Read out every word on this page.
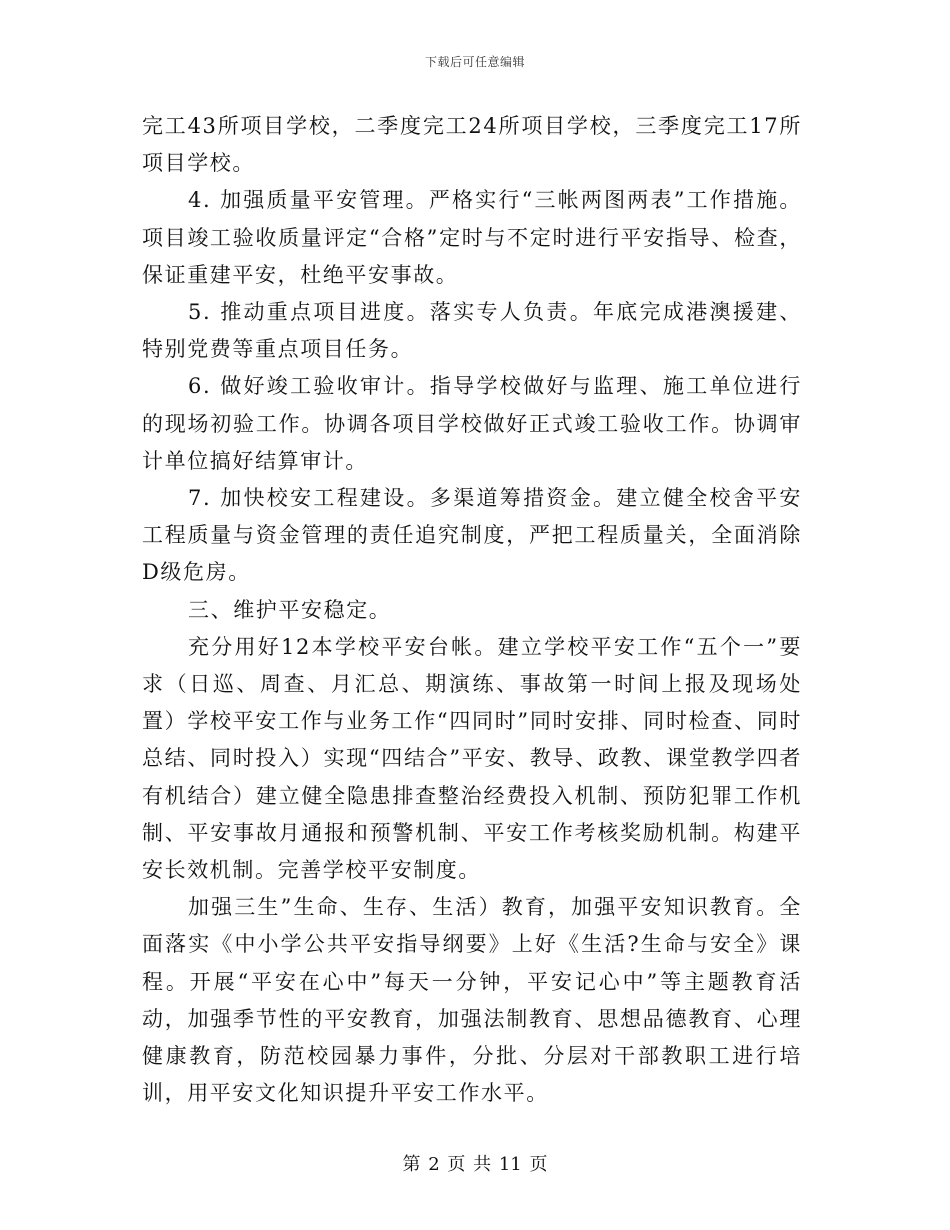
下载后可任意编辑

完工43所项目学校，二季度完工24所项目学校，三季度完工17所项目学校。

4. 加强质量平安管理。严格实行“三帐两图两表”工作措施。项目竣工验收质量评定“合格”定时与不定时进行平安指导、检查，保证重建平安，杜绝平安事故。

5. 推动重点项目进度。落实专人负责。年底完成港澳援建、特别党费等重点项目任务。

6. 做好竣工验收审计。指导学校做好与监理、施工单位进行的现场初验工作。协调各项目学校做好正式竣工验收工作。协调审计单位搞好结算审计。

7. 加快校安工程建设。多渠道筹措资金。建立健全校舍平安工程质量与资金管理的责任追究制度，严把工程质量关，全面消除D级危房。

三、维护平安稳定。

充分用好12本学校平安台帐。建立学校平安工作“五个一”要求（日巡、周查、月汇总、期演练、事故第一时间上报及现场处置）学校平安工作与业务工作“四同时”同时安排、同时检查、同时总结、同时投入）实现“四结合”平安、教导、政教、课堂教学四者有机结合）建立健全隐患排查整治经费投入机制、预防犯罪工作机制、平安事故月通报和预警机制、平安工作考核奖励机制。构建平安长效机制。完善学校平安制度。

加强三生”生命、生存、生活）教育，加强平安知识教育。全面落实《中小学公共平安指导纲要》上好《生活?生命与安全》课程。开展“平安在心中”每天一分钟，平安记心中”等主题教育活动，加强季节性的平安教育，加强法制教育、思想品德教育、心理健康教育，防范校园暴力事件，分批、分层对干部教职工进行培训，用平安文化知识提升平安工作水平。

第 2 页 共 11 页
